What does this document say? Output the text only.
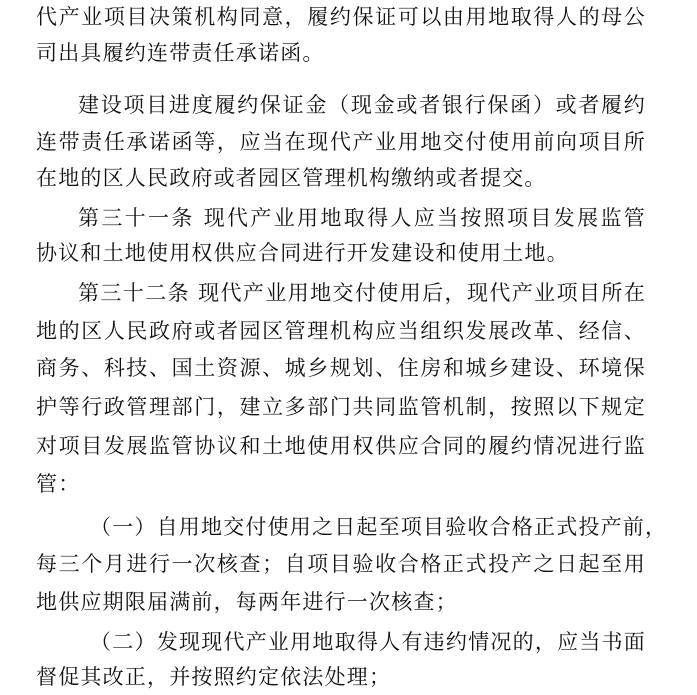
代产业项目决策机构同意，履约保证可以由用地取得人的母公
司出具履约连带责任承诺函。
建设项目进度履约保证金（现金或者银行保函）或者履约
连带责任承诺函等，应当在现代产业用地交付使用前向项目所
在地的区人民政府或者园区管理机构缴纳或者提交。
第三十一条 现代产业用地取得人应当按照项目发展监管
协议和土地使用权供应合同进行开发建设和使用土地。
第三十二条 现代产业用地交付使用后，现代产业项目所在
地的区人民政府或者园区管理机构应当组织发展改革、经信、
商务、科技、国土资源、城乡规划、住房和城乡建设、环境保
护等行政管理部门，建立多部门共同监管机制，按照以下规定
对项目发展监管协议和土地使用权供应合同的履约情况进行监
管：
（一）自用地交付使用之日起至项目验收合格正式投产前，
每三个月进行一次核查；自项目验收合格正式投产之日起至用
地供应期限届满前，每两年进行一次核查；
（二）发现现代产业用地取得人有违约情况的，应当书面
督促其改正，并按照约定依法处理；
